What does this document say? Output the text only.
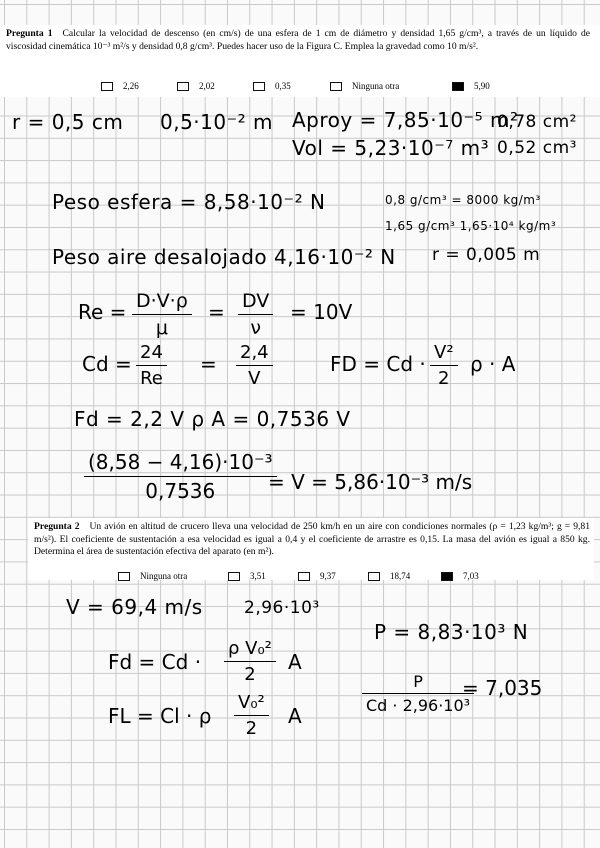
Pregunta 1 Calcular la velocidad de descenso (en cm/s) de una esfera de 1 cm de diámetro y densidad 1,65 g/cm³, a través de un líquido de viscosidad cinemática 10⁻³ m²/s y densidad 0,8 g/cm³. Puedes hacer uso de la Figura C. Emplea la gravedad como 10 m/s².
2,26	2,02	0,35	Ninguna otra	5,90
r = 0,5 cm 0,5·10⁻² m Aproy = 7,85·10⁻⁵ m²
0,78 cm²
Vol = 5,23·10⁻⁷ m³ 0,52 cm³
Peso esfera = 8,58·10⁻² N	0,8 g/cm³ = 8000 kg/m³
1,65 g/cm³ 1,65·10⁴ kg/m³
Peso aire desalojado 4,16·10⁻² N r = 0,005 m
Re = D·V·ρ
μ
= DV
ν
= 10V
Cd = 24
Re
= 2,4
V
FD = Cd · V²
2
ρ · A
Fd = 2,2 V ρ A = 0,7536 V
(8,58 − 4,16)·10⁻³
0,7536	= V = 5,86·10⁻³ m/s
Pregunta 2 Un avión en altitud de crucero lleva una velocidad de 250 km/h en un aire con condiciones normales (ρ = 1,23 kg/m³; g = 9,81 m/s²). El coeficiente de sustentación a esa velocidad es igual a 0,4 y el coeficiente de arrastre es 0,15. La masa del avión es igual a 850 kg. Determina el área de sustentación efectiva del aparato (en m²).
Ninguna otra	3,51	9,37	18,74	7,03
V = 69,4 m/s 2,96·10³
P = 8,83·10³ N
Fd = Cd ·
ρ V₀²
2
A
P
Cd · 2,96·10³
= 7,035
FL = Cl · ρ
V₀²
2
A
